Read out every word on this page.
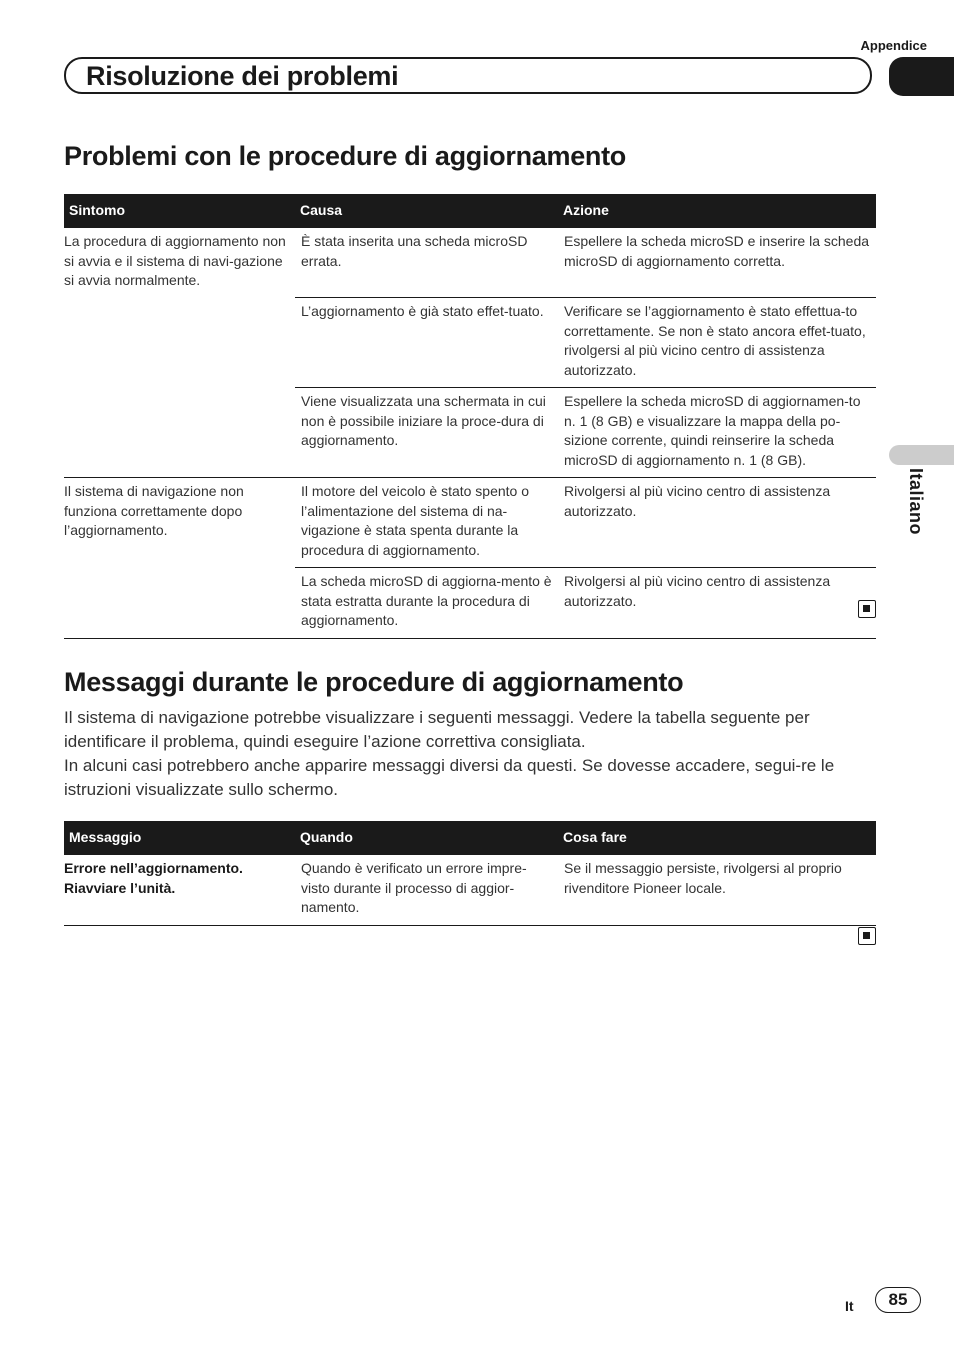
Appendice
Risoluzione dei problemi
Italiano
Problemi con le procedure di aggiornamento
Sintomo	Causa	Azione
La procedura di aggiornamento non si avvia e il sistema di navi-gazione si avvia normalmente.	È stata inserita una scheda microSD errata.	Espellere la scheda microSD e inserire la scheda microSD di aggiornamento corretta.
	L’aggiornamento è già stato effet-tuato.	Verificare se l’aggiornamento è stato effettua-to correttamente. Se non è stato ancora effet-tuato, rivolgersi al più vicino centro di assistenza autorizzato.
	Viene visualizzata una schermata in cui non è possibile iniziare la proce-dura di aggiornamento.	Espellere la scheda microSD di aggiornamen-to n. 1 (8 GB) e visualizzare la mappa della po-sizione corrente, quindi reinserire la scheda microSD di aggiornamento n. 1 (8 GB).
Il sistema di navigazione non funziona correttamente dopo l’aggiornamento.	Il motore del veicolo è stato spento o l’alimentazione del sistema di na-vigazione è stata spenta durante la procedura di aggiornamento.	Rivolgersi al più vicino centro di assistenza autorizzato.
	La scheda microSD di aggiorna-mento è stata estratta durante la procedura di aggiornamento.	Rivolgersi al più vicino centro di assistenza autorizzato.
Messaggi durante le procedure di aggiornamento

Il sistema di navigazione potrebbe visualizzare i seguenti messaggi. Vedere la tabella seguente per identificare il problema, quindi eseguire l’azione correttiva consigliata.

In alcuni casi potrebbero anche apparire messaggi diversi da questi. Se dovesse accadere, segui-re le istruzioni visualizzate sullo schermo.

Messaggio	Quando	Cosa fare
Errore nell’aggiornamento. Riavviare l’unità.	Quando è verificato un errore impre-visto durante il processo di aggior-namento.	Se il messaggio persiste, rivolgersi al proprio rivenditore Pioneer locale.
It	85
